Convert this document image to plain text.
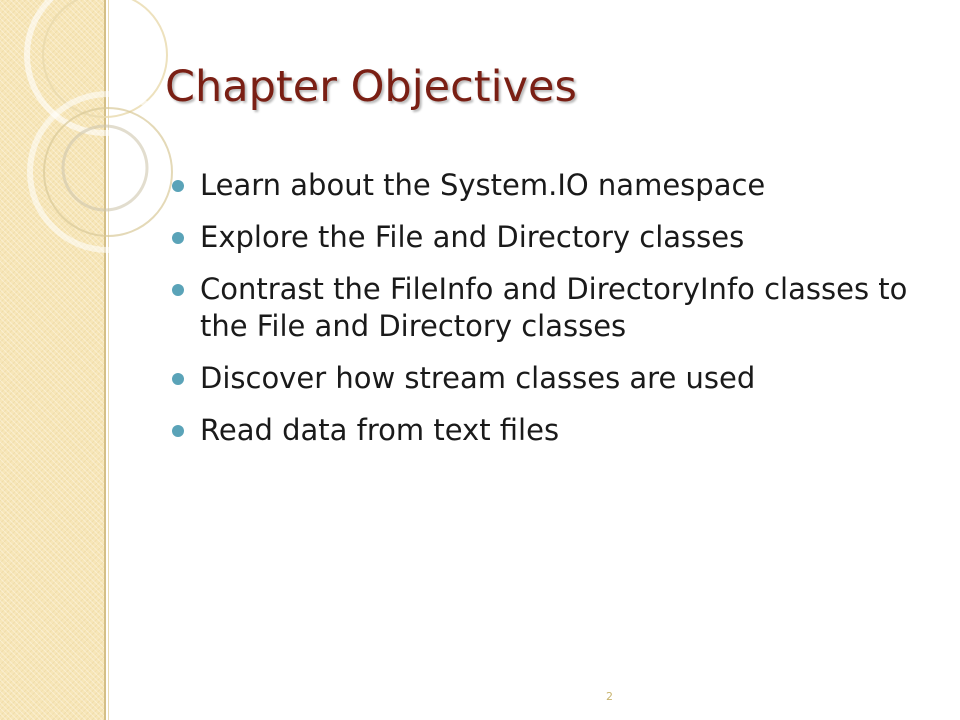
Chapter Objectives
Learn about the System.IO namespace
Explore the File and Directory classes
Contrast the FileInfo and DirectoryInfo classes to the File and Directory classes
Discover how stream classes are used
Read data from text files
2
